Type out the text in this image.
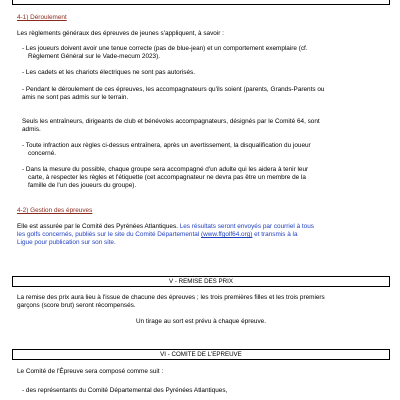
4-1) Déroulement
Les règlements généraux des épreuves de jeunes s'appliquent, à savoir :
- Les joueurs doivent avoir une tenue correcte (pas de blue-jean) et un comportement exemplaire (cf.
Règlement Général sur le Vade-mecum 2023).
- Les cadets et les chariots électriques ne sont pas autorisés.
- Pendant le déroulement de ces épreuves, les accompagnateurs qu'ils soient (parents, Grands-Parents ou
amis ne sont pas admis sur le terrain.
Seuls les entraîneurs, dirigeants de club et bénévoles accompagnateurs, désignés par le Comité 64, sont
admis.
- Toute infraction aux règles ci-dessus entraînera, après un avertissement, la disqualification du joueur
concerné.
- Dans la mesure du possible, chaque groupe sera accompagné d'un adulte qui les aidera à tenir leur
carte, à respecter les règles et l'étiquette (cet accompagnateur ne devra pas être un membre de la
famille de l'un des joueurs du groupe).
4-2) Gestion des épreuves
Elle est assurée par le Comité des Pyrénées Atlantiques. Les résultats seront envoyés par courriel à tous
les golfs concernés, publiés sur le site du Comité Départemental (www.ffgolf64.org) et transmis à la
Ligue pour publication sur son site.
V - REMISE DES PRIX
La remise des prix aura lieu à l'issue de chacune des épreuves ; les trois premières filles et les trois premiers
garçons (score brut) seront récompensés.
Un tirage au sort est prévu à chaque épreuve.
VI - COMITE DE L'EPREUVE
Le Comité de l'Épreuve sera composé comme suit :
- des représentants du Comité Départemental des Pyrénées Atlantiques,
